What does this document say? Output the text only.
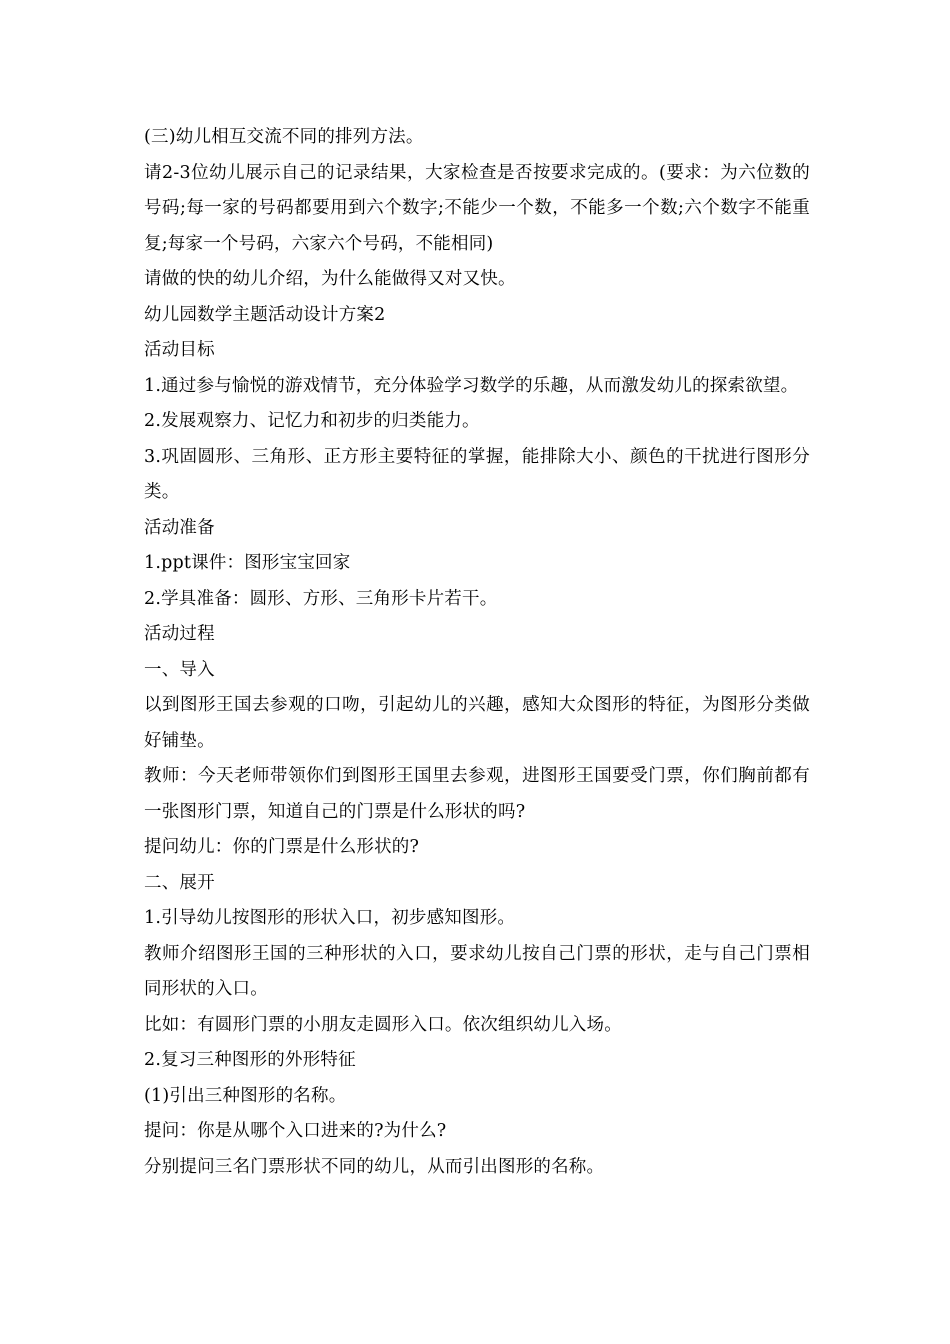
(三)幼儿相互交流不同的排列方法。

请2-3位幼儿展示自己的记录结果，大家检查是否按要求完成的。(要求：为六位数的号码;每一家的号码都要用到六个数字;不能少一个数，不能多一个数;六个数字不能重复;每家一个号码，六家六个号码，不能相同)

请做的快的幼儿介绍，为什么能做得又对又快。

幼儿园数学主题活动设计方案2

活动目标

1.通过参与愉悦的游戏情节，充分体验学习数学的乐趣，从而激发幼儿的探索欲望。

2.发展观察力、记忆力和初步的归类能力。

3.巩固圆形、三角形、正方形主要特征的掌握，能排除大小、颜色的干扰进行图形分类。

活动准备

1.ppt课件：图形宝宝回家

2.学具准备：圆形、方形、三角形卡片若干。

活动过程

一、导入

以到图形王国去参观的口吻，引起幼儿的兴趣，感知大众图形的特征，为图形分类做好铺垫。

教师：今天老师带领你们到图形王国里去参观，进图形王国要受门票，你们胸前都有一张图形门票，知道自己的门票是什么形状的吗?

提问幼儿：你的门票是什么形状的?

二、展开

1.引导幼儿按图形的形状入口，初步感知图形。

教师介绍图形王国的三种形状的入口，要求幼儿按自己门票的形状，走与自己门票相同形状的入口。

比如：有圆形门票的小朋友走圆形入口。依次组织幼儿入场。

2.复习三种图形的外形特征

(1)引出三种图形的名称。

提问：你是从哪个入口进来的?为什么?

分别提问三名门票形状不同的幼儿，从而引出图形的名称。
